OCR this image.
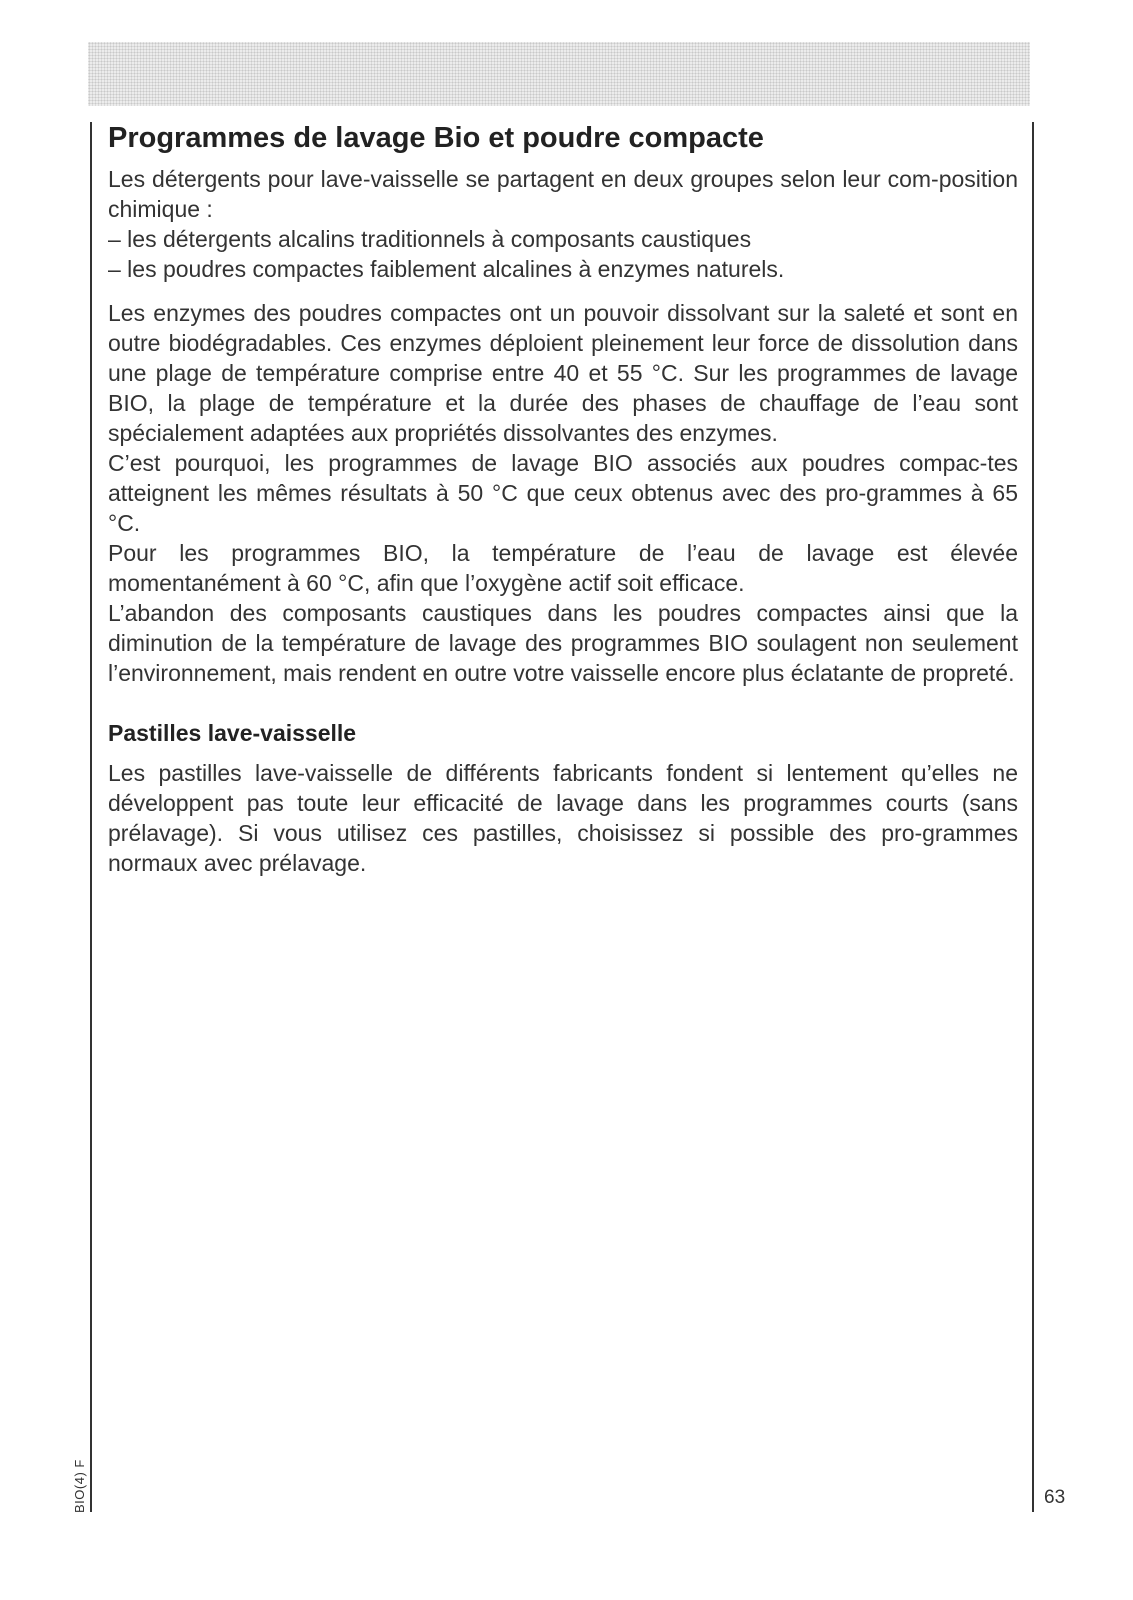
Programmes de lavage Bio et poudre compacte

Les détergents pour lave-vaisselle se partagent en deux groupes selon leur com-position chimique :

– les détergents alcalins traditionnels à composants caustiques

– les poudres compactes faiblement alcalines à enzymes naturels.

Les enzymes des poudres compactes ont un pouvoir dissolvant sur la saleté et sont en outre biodégradables. Ces enzymes déploient pleinement leur force de dissolution dans une plage de température comprise entre 40 et 55 °C. Sur les programmes de lavage BIO, la plage de température et la durée des phases de chauffage de l’eau sont spécialement adaptées aux propriétés dissolvantes des enzymes.

C’est pourquoi, les programmes de lavage BIO associés aux poudres compac-tes atteignent les mêmes résultats à 50 °C que ceux obtenus avec des pro-grammes à 65 °C.

Pour les programmes BIO, la température de l’eau de lavage est élevée momentanément à 60 °C, afin que l’oxygène actif soit efficace.

L’abandon des composants caustiques dans les poudres compactes ainsi que la diminution de la température de lavage des programmes BIO soulagent non seulement l’environnement, mais rendent en outre votre vaisselle encore plus éclatante de propreté.

Pastilles lave-vaisselle

Les pastilles lave-vaisselle de différents fabricants fondent si lentement qu’elles ne développent pas toute leur efficacité de lavage dans les programmes courts (sans prélavage). Si vous utilisez ces pastilles, choisissez si possible des pro-grammes normaux avec prélavage.

BIO(4) F	63
